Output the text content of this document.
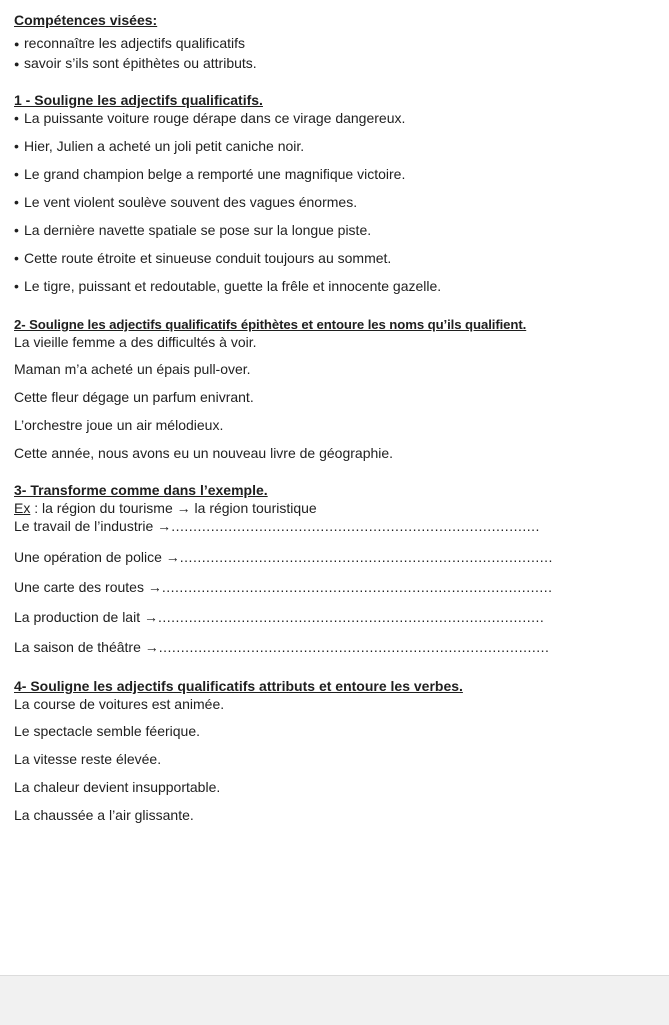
Compétences visées:
● reconnaître les adjectifs qualificatifs
● savoir s’ils sont épithètes ou attributs.
1 - Souligne les adjectifs qualificatifs.
• La puissante voiture rouge dérape dans ce virage dangereux.
• Hier, Julien a acheté un joli petit caniche noir.
• Le grand champion belge a remporté une magnifique victoire.
• Le vent violent soulève souvent des vagues énormes.
• La dernière navette spatiale se pose sur la longue piste.
• Cette route étroite et sinueuse conduit toujours au sommet.
• Le tigre, puissant et redoutable, guette la frêle et innocente gazelle.
2- Souligne les adjectifs qualificatifs épithètes et entoure les noms qu’ils qualifient.
La vieille femme a des difficultés à voir.
Maman m’a acheté un épais pull-over.
Cette fleur dégage un parfum enivrant.
L’orchestre joue un air mélodieux.
Cette année, nous avons eu un nouveau livre de géographie.
3- Transforme comme dans l’exemple.
Ex : la région du tourisme → la région touristique
Le travail de l’industrie →....................................................................................
Une opération de police →.....................................................................................
Une carte des routes →.........................................................................................
La production de lait →........................................................................................
La saison de théâtre →.........................................................................................
4- Souligne les adjectifs qualificatifs attributs et entoure les verbes.
La course de voitures est animée.
Le spectacle semble féerique.
La vitesse reste élevée.
La chaleur devient insupportable.
La chaussée a l’air glissante.
